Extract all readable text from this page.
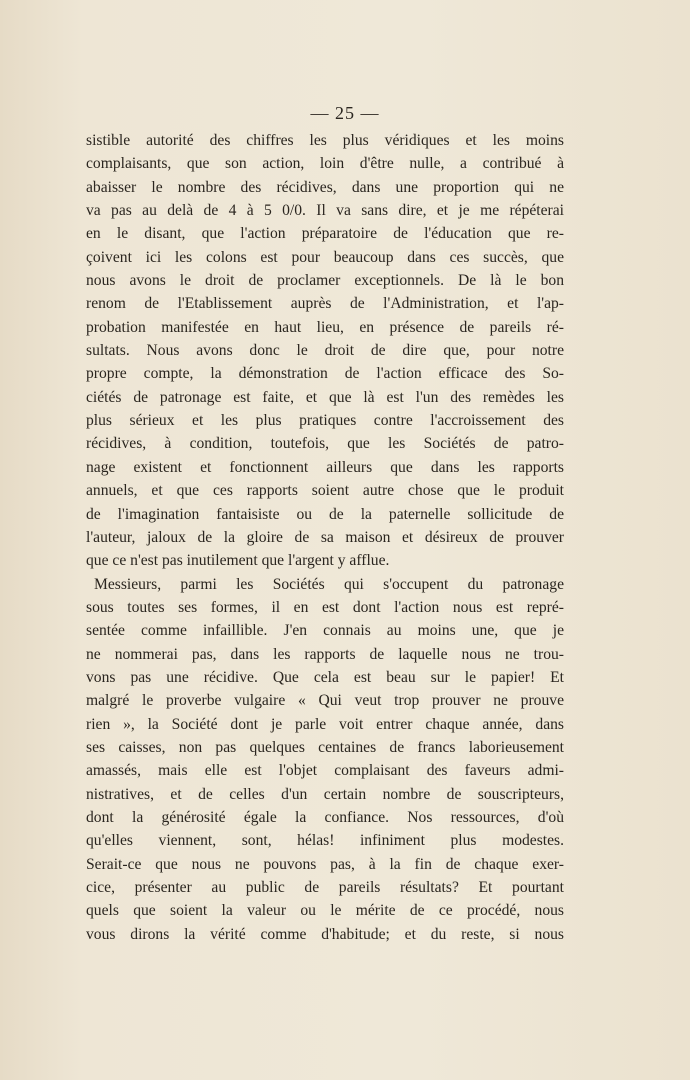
— 25 —
sistible autorité des chiffres les plus véridiques et les moins
complaisants, que son action, loin d'être nulle, a contribué à
abaisser le nombre des récidives, dans une proportion qui ne
va pas au delà de 4 à 5 0/0. Il va sans dire, et je me répéterai
en le disant, que l'action préparatoire de l'éducation que re-
çoivent ici les colons est pour beaucoup dans ces succès, que
nous avons le droit de proclamer exceptionnels. De là le bon
renom de l'Etablissement auprès de l'Administration, et l'ap-
probation manifestée en haut lieu, en présence de pareils ré-
sultats. Nous avons donc le droit de dire que, pour notre
propre compte, la démonstration de l'action efficace des So-
ciétés de patronage est faite, et que là est l'un des remèdes les
plus sérieux et les plus pratiques contre l'accroissement des
récidives, à condition, toutefois, que les Sociétés de patro-
nage existent et fonctionnent ailleurs que dans les rapports
annuels, et que ces rapports soient autre chose que le produit
de l'imagination fantaisiste ou de la paternelle sollicitude de
l'auteur, jaloux de la gloire de sa maison et désireux de prouver
que ce n'est pas inutilement que l'argent y afflue.
Messieurs, parmi les Sociétés qui s'occupent du patronage
sous toutes ses formes, il en est dont l'action nous est repré-
sentée comme infaillible. J'en connais au moins une, que je
ne nommerai pas, dans les rapports de laquelle nous ne trou-
vons pas une récidive. Que cela est beau sur le papier! Et
malgré le proverbe vulgaire « Qui veut trop prouver ne prouve
rien », la Société dont je parle voit entrer chaque année, dans
ses caisses, non pas quelques centaines de francs laborieusement
amassés, mais elle est l'objet complaisant des faveurs admi-
nistratives, et de celles d'un certain nombre de souscripteurs,
dont la générosité égale la confiance. Nos ressources, d'où
qu'elles viennent, sont, hélas! infiniment plus modestes.
Serait-ce que nous ne pouvons pas, à la fin de chaque exer-
cice, présenter au public de pareils résultats? Et pourtant
quels que soient la valeur ou le mérite de ce procédé, nous
vous dirons la vérité comme d'habitude; et du reste, si nous
